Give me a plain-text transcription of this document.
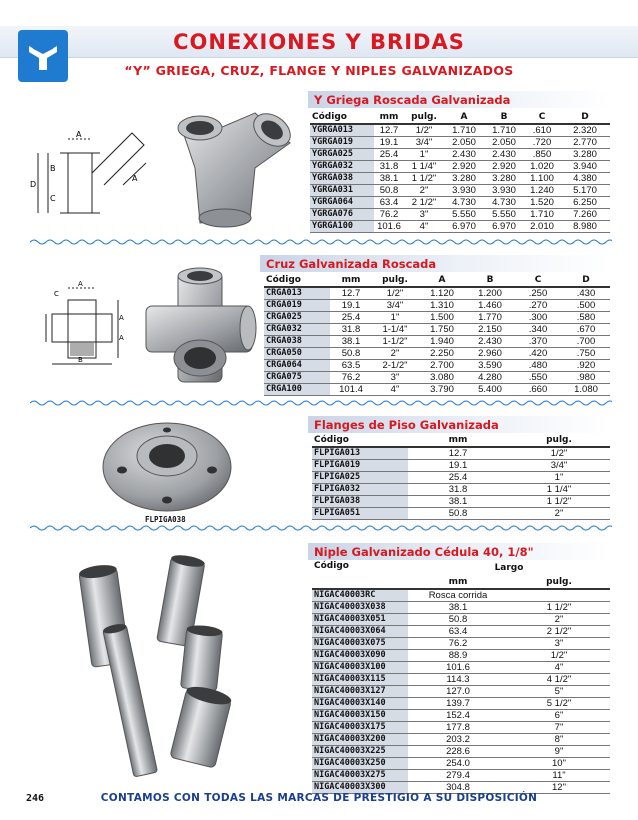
CONEXIONES Y BRIDAS
“Y” GRIEGA, CRUZ, FLANGE Y NIPLES GALVANIZADOS
A
B
C
D
A
Y Griega Roscada Galvanizada
Código	mm	pulg.	A	B	C	D
YGRGA013	12.7	1/2"	1.710	1.710	.610	2.320
YGRGA019	19.1	3/4"	2.050	2.050	.720	2.770
YGRGA025	25.4	1"	2.430	2.430	.850	3.280
YGRGA032	31.8	1 1/4"	2.920	2.920	1.020	3.940
YGRGA038	38.1	1 1/2"	3.280	3.280	1.100	4.380
YGRGA031	50.8	2"	3.930	3.930	1.240	5.170
YGRGA064	63.4	2 1/2"	4.730	4.730	1.520	6.250
YGRGA076	76.2	3"	5.550	5.550	1.710	7.260
YGRGA100	101.6	4"	6.970	6.970	2.010	8.980
A
A
A
C
B
Cruz Galvanizada Roscada
Código	mm	pulg.	A	B	C	D
CRGA013	12.7	1/2"	1.120	1.200	.250	.430
CRGA019	19.1	3/4"	1.310	1.460	.270	.500
CRGA025	25.4	1"	1.500	1.770	.300	.580
CRGA032	31.8	1-1/4"	1.750	2.150	.340	.670
CRGA038	38.1	1-1/2"	1.940	2.430	.370	.700
CRGA050	50.8	2"	2.250	2.960	.420	.750
CRGA064	63.5	2-1/2"	2.700	3.590	.480	.920
CRGA075	76.2	3"	3.080	4.280	.550	.980
CRGA100	101.4	4"	3.790	5.400	.660	1.080
FLPIGA038
Flanges de Piso Galvanizada
Código	mm	pulg.
FLPIGA013	12.7	1/2"
FLPIGA019	19.1	3/4"
FLPIGA025	25.4	1"
FLPIGA032	31.8	1 1/4"
FLPIGA038	38.1	1 1/2"
FLPIGA051	50.8	2"
Niple Galvanizado Cédula 40, 1/8"
Código	Largo	
	mm	pulg.
NIGAC40003RC	Rosca corrida	
NIGAC40003X038	38.1	1 1/2"
NIGAC40003X051	50.8	2"
NIGAC40003X064	63.4	2 1/2"
NIGAC40003X075	76.2	3"
NIGAC40003X090	88.9	1/2"
NIGAC40003X100	101.6	4"
NIGAC40003X115	114.3	4 1/2"
NIGAC40003X127	127.0	5"
NIGAC40003X140	139.7	5 1/2"
NIGAC40003X150	152.4	6"
NIGAC40003X175	177.8	7"
NIGAC40003X200	203.2	8"
NIGAC40003X225	228.6	9"
NIGAC40003X250	254.0	10"
NIGAC40003X275	279.4	11"
NIGAC40003X300	304.8	12"
246	CONTAMOS CON TODAS LAS MARCAS DE PRESTIGIO A SU DISPOSICIÓN
